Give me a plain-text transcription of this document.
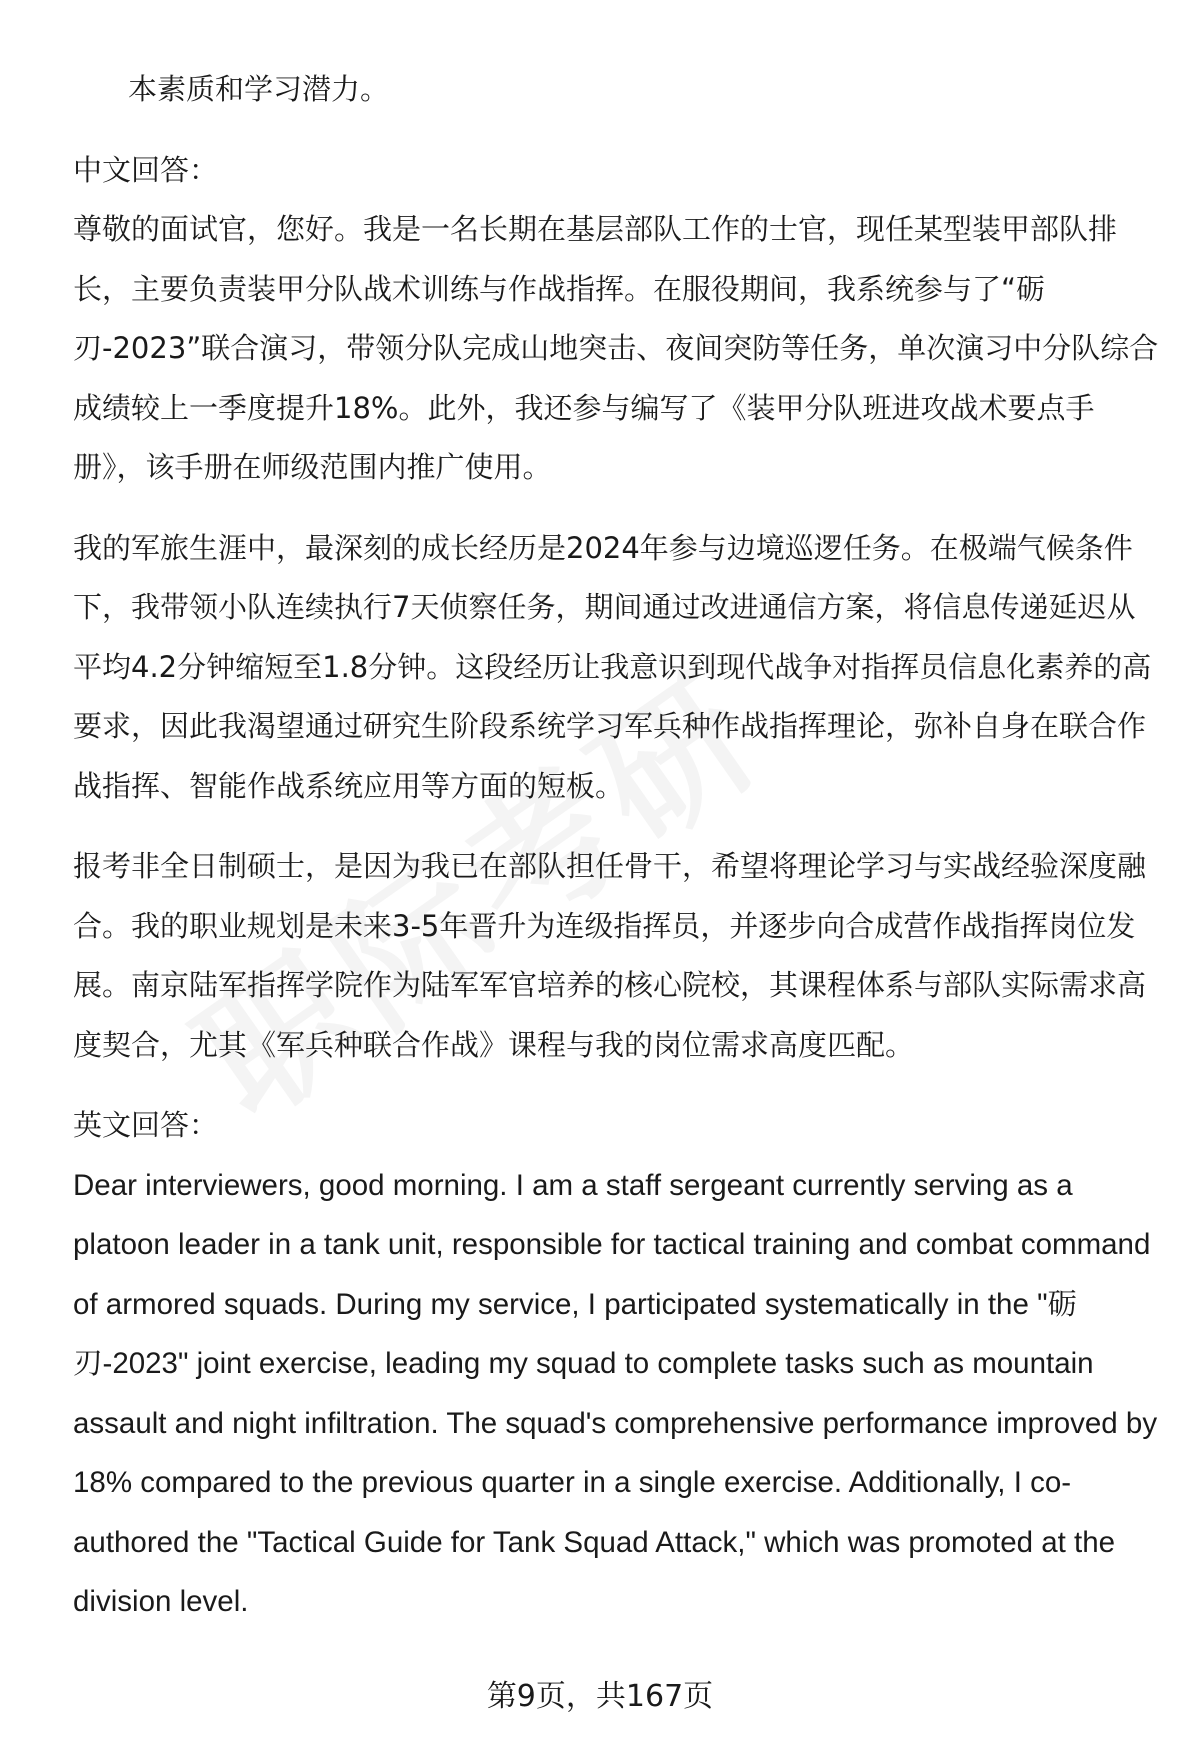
本素质和学习潜力。

中文回答：

尊敬的面试官，您好。我是一名长期在基层部队工作的士官，现任某型装甲部队排长，主要负责装甲分队战术训练与作战指挥。在服役期间，我系统参与了“砺刃-2023”联合演习，带领分队完成山地突击、夜间突防等任务，单次演习中分队综合成绩较上一季度提升18%。此外，我还参与编写了《装甲分队班进攻战术要点手册》，该手册在师级范围内推广使用。

我的军旅生涯中，最深刻的成长经历是2024年参与边境巡逻任务。在极端气候条件下，我带领小队连续执行7天侦察任务，期间通过改进通信方案，将信息传递延迟从平均4.2分钟缩短至1.8分钟。这段经历让我意识到现代战争对指挥员信息化素养的高要求，因此我渴望通过研究生阶段系统学习军兵种作战指挥理论，弥补自身在联合作战指挥、智能作战系统应用等方面的短板。

报考非全日制硕士，是因为我已在部队担任骨干，希望将理论学习与实战经验深度融合。我的职业规划是未来3-5年晋升为连级指挥员，并逐步向合成营作战指挥岗位发展。南京陆军指挥学院作为陆军军官培养的核心院校，其课程体系与部队实际需求高度契合，尤其《军兵种联合作战》课程与我的岗位需求高度匹配。

英文回答：

Dear interviewers, good morning. I am a staff sergeant currently serving as a platoon leader in a tank unit, responsible for tactical training and combat command of armored squads. During my service, I participated systematically in the "砺刃-2023" joint exercise, leading my squad to complete tasks such as mountain assault and night infiltration. The squad's comprehensive performance improved by 18% compared to the previous quarter in a single exercise. Additionally, I co-authored the "Tactical Guide for Tank Squad Attack," which was promoted at the division level.

第9页，共167页
